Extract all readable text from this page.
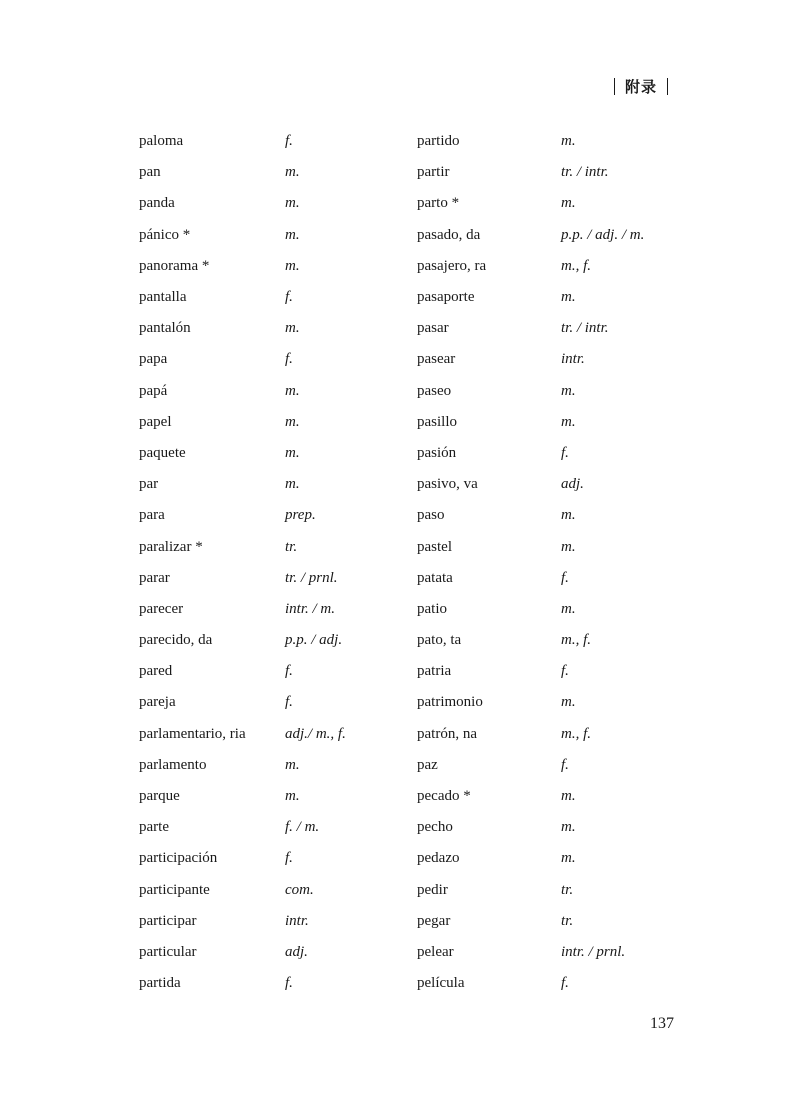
附录
paloma	f.
pan	m.
panda	m.
pánico *	m.
panorama *	m.
pantalla	f.
pantalón	m.
papa	f.
papá	m.
papel	m.
paquete	m.
par	m.
para	prep.
paralizar *	tr.
parar	tr. / prnl.
parecer	intr. / m.
parecido, da	p.p. / adj.
pared	f.
pareja	f.
parlamentario, ria	adj./ m., f.
parlamento	m.
parque	m.
parte	f. / m.
participación	f.
participante	com.
participar	intr.
particular	adj.
partida	f.
partido	m.
partir	tr. / intr.
parto *	m.
pasado, da	p.p. / adj. / m.
pasajero, ra	m., f.
pasaporte	m.
pasar	tr. / intr.
pasear	intr.
paseo	m.
pasillo	m.
pasión	f.
pasivo, va	adj.
paso	m.
pastel	m.
patata	f.
patio	m.
pato, ta	m., f.
patria	f.
patrimonio	m.
patrón, na	m., f.
paz	f.
pecado *	m.
pecho	m.
pedazo	m.
pedir	tr.
pegar	tr.
pelear	intr. / prnl.
película	f.
137
